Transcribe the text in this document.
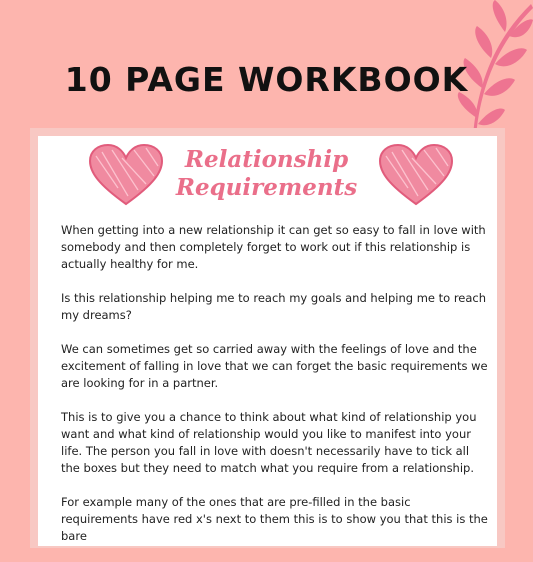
10 PAGE WORKBOOK
Relationship
Requirements

When getting into a new relationship it can get so easy to fall in love with somebody and then completely forget to work out if this relationship is actually healthy for me.

Is this relationship helping me to reach my goals and helping me to reach my dreams?

We can sometimes get so carried away with the feelings of love and the excitement of falling in love that we can forget the basic requirements we are looking for in a partner.

This is to give you a chance to think about what kind of relationship you want and what kind of relationship would you like to manifest into your life. The person you fall in love with doesn't necessarily have to tick all the boxes but they need to match what you require from a relationship.

For example many of the ones that are pre-filled in the basic requirements have red x's next to them this is to show you that this is the bare
